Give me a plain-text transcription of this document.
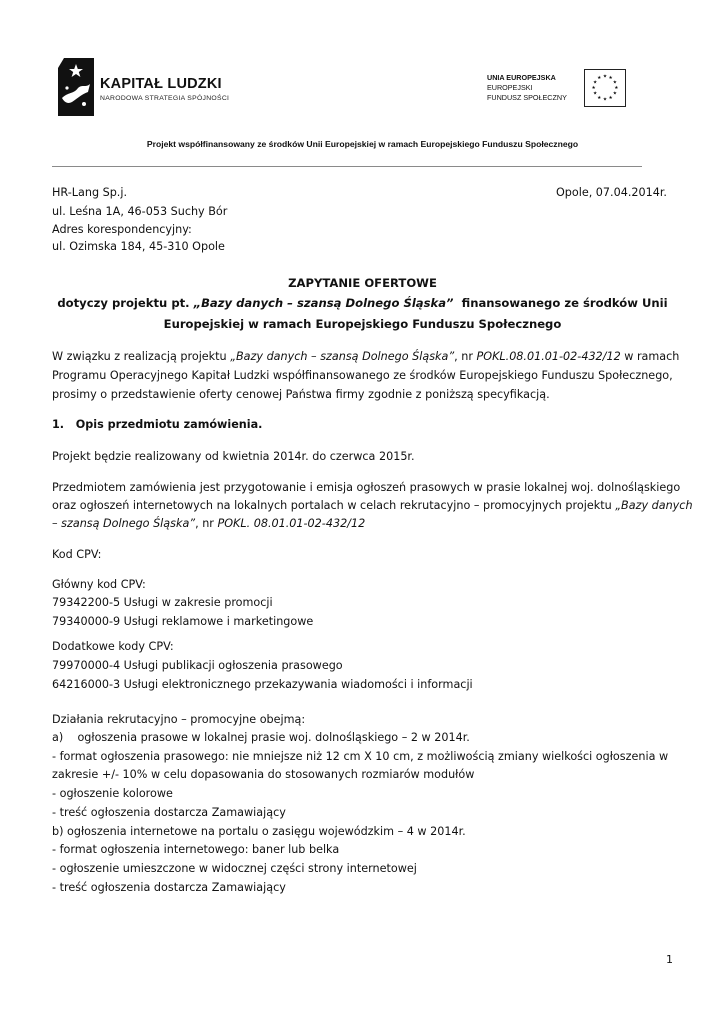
KAPITAŁ LUDZKI
NARODOWA STRATEGIA SPÓJNOŚCI
UNIA EUROPEJSKA
EUROPEJSKI
FUNDUSZ SPOŁECZNY
★ ★
★
★
★
★
★
★
★
★
★
★
Projekt współfinansowany ze środków Unii Europejskiej w ramach Europejskiego Funduszu Społecznego
HR-Lang Sp.j.	Opole, 07.04.2014r.
ul. Leśna 1A, 46-053 Suchy Bór
Adres korespondencyjny:
ul. Ozimska 184, 45-310 Opole
ZAPYTANIE OFERTOWE
dotyczy projektu pt. „Bazy danych – szansą Dolnego Śląska”  finansowanego ze środków Unii
Europejskiej w ramach Europejskiego Funduszu Społecznego
W związku z realizacją projektu „Bazy danych – szansą Dolnego Śląska”, nr POKL.08.01.01-02-432/12 w ramach
Programu Operacyjnego Kapitał Ludzki współfinansowanego ze środków Europejskiego Funduszu Społecznego,
prosimy o przedstawienie oferty cenowej Państwa firmy zgodnie z poniższą specyfikacją.
1.   Opis przedmiotu zamówienia.
Projekt będzie realizowany od kwietnia 2014r. do czerwca 2015r.
Przedmiotem zamówienia jest przygotowanie i emisja ogłoszeń prasowych w prasie lokalnej woj. dolnośląskiego
oraz ogłoszeń internetowych na lokalnych portalach w celach rekrutacyjno – promocyjnych projektu „Bazy danych
– szansą Dolnego Śląska”, nr POKL. 08.01.01-02-432/12
Kod CPV:
Główny kod CPV:
79342200-5 Usługi w zakresie promocji
79340000-9 Usługi reklamowe i marketingowe
Dodatkowe kody CPV:
79970000-4 Usługi publikacji ogłoszenia prasowego
64216000-3 Usługi elektronicznego przekazywania wiadomości i informacji
Działania rekrutacyjno – promocyjne obejmą:
a)    ogłoszenia prasowe w lokalnej prasie woj. dolnośląskiego – 2 w 2014r.
- format ogłoszenia prasowego: nie mniejsze niż 12 cm X 10 cm, z możliwością zmiany wielkości ogłoszenia w
zakresie +/- 10% w celu dopasowania do stosowanych rozmiarów modułów
- ogłoszenie kolorowe
- treść ogłoszenia dostarcza Zamawiający
b) ogłoszenia internetowe na portalu o zasięgu wojewódzkim – 4 w 2014r.
- format ogłoszenia internetowego: baner lub belka
- ogłoszenie umieszczone w widocznej części strony internetowej
- treść ogłoszenia dostarcza Zamawiający
1
